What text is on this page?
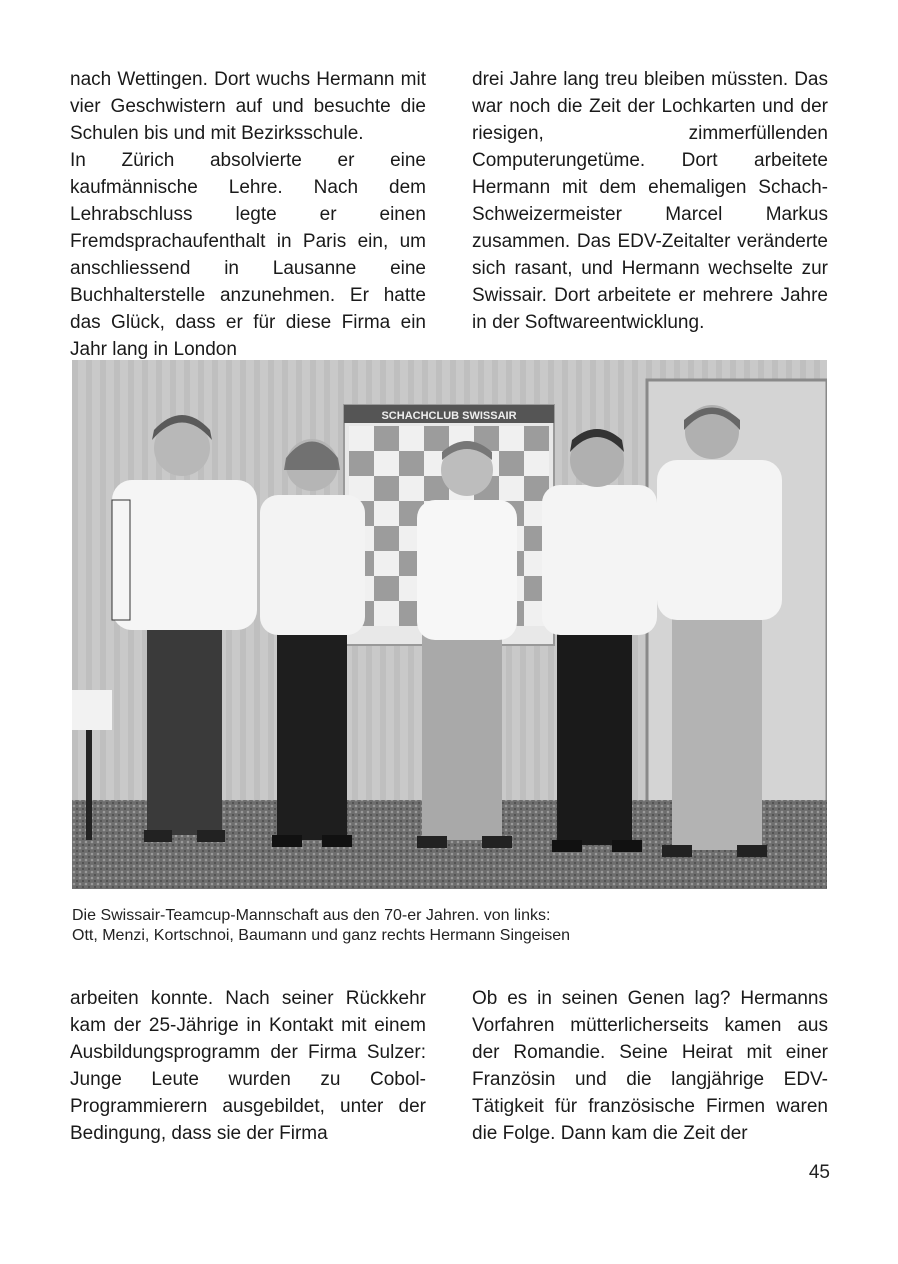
nach Wettingen. Dort wuchs Hermann mit vier Geschwistern auf und besuchte die Schulen bis und mit Bezirksschule.

In Zürich absolvierte er eine kaufmännische Lehre. Nach dem Lehrabschluss legte er einen Fremdsprachaufenthalt in Paris ein, um anschliessend in Lausanne eine Buchhalterstelle anzunehmen. Er hatte das Glück, dass er für diese Firma ein Jahr lang in London

drei Jahre lang treu bleiben müssten. Das war noch die Zeit der Lochkarten und der riesigen, zimmerfüllenden Computerungetüme. Dort arbeitete Hermann mit dem ehemaligen Schach-Schweizermeister Marcel Markus zusammen. Das EDV-Zeitalter veränderte sich rasant, und Hermann wechselte zur Swissair. Dort arbeitete er mehrere Jahre in der Softwareentwicklung.

SCHACHCLUB SWISSAIR
Die Swissair-Teamcup-Mannschaft aus den 70-er Jahren. von links:
Ott, Menzi, Kortschnoi, Baumann und ganz rechts Hermann Singeisen

arbeiten konnte. Nach seiner Rückkehr kam der 25-Jährige in Kontakt mit einem Ausbildungsprogramm der Firma Sulzer: Junge Leute wurden zu Cobol-Programmierern ausgebildet, unter der Bedingung, dass sie der Firma

Ob es in seinen Genen lag? Hermanns Vorfahren mütterlicherseits kamen aus der Romandie. Seine Heirat mit einer Französin und die langjährige EDV-Tätigkeit für französische Firmen waren die Folge. Dann kam die Zeit der

45
